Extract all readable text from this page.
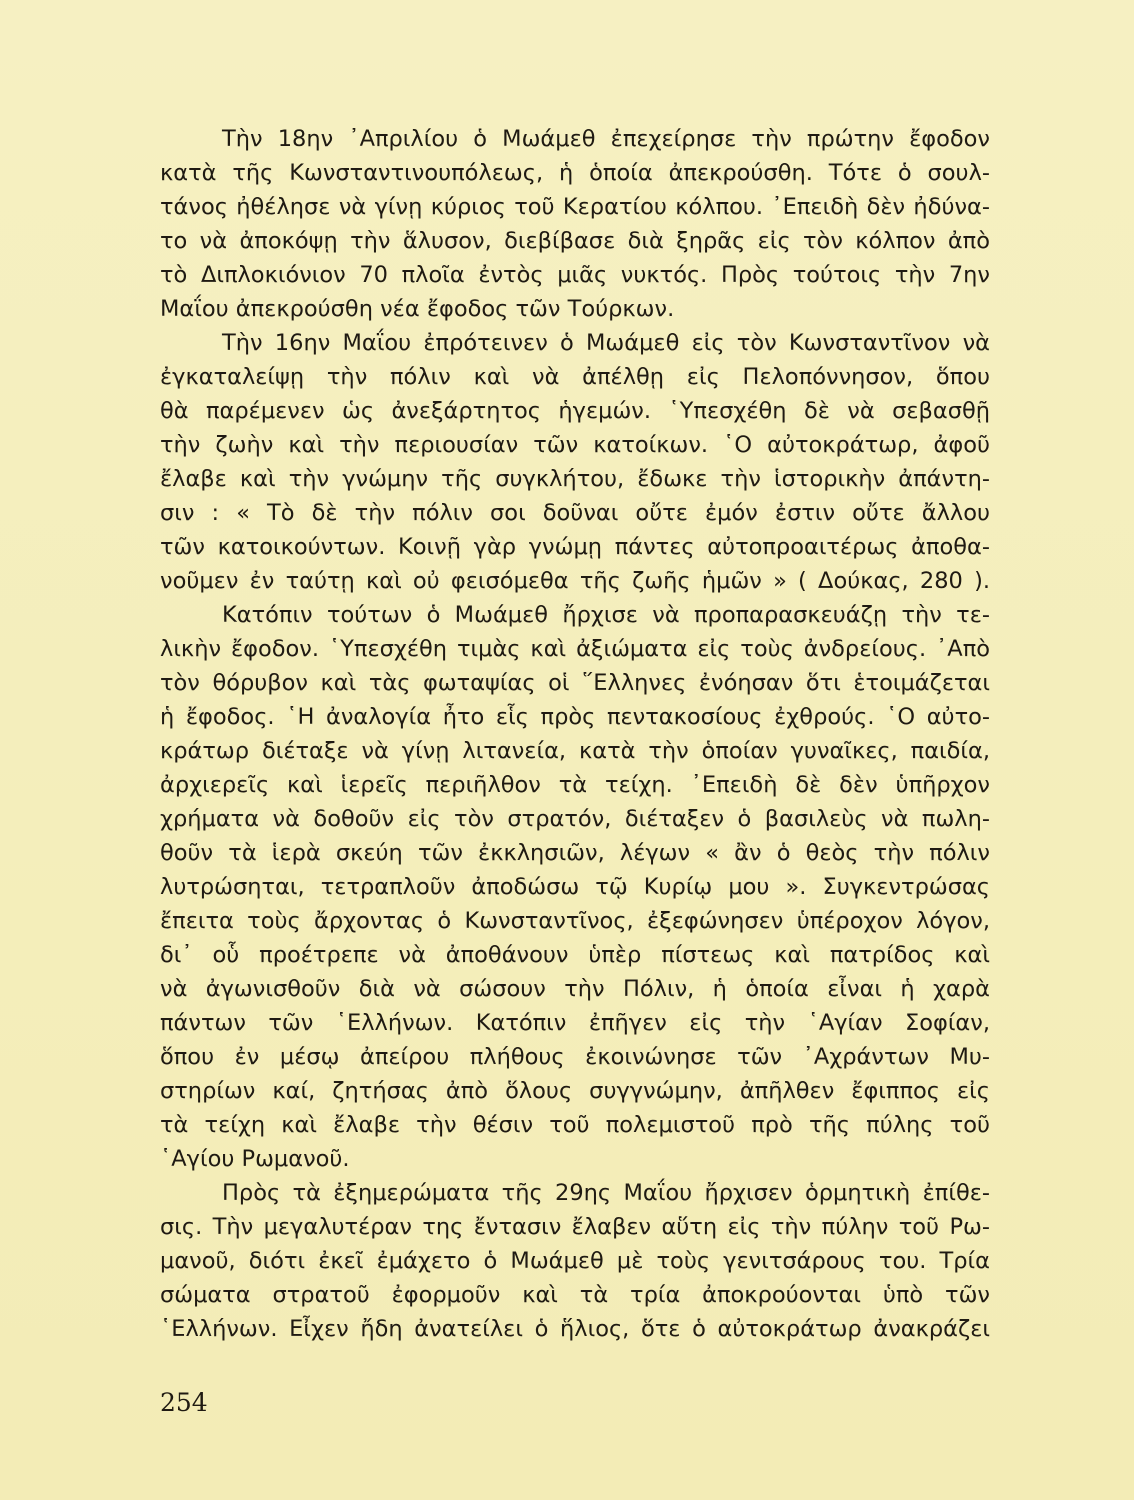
Τὴν 18ην ᾿Απριλίου ὁ Μωάμεθ ἐπεχείρησε τὴν πρώτην ἔφοδον
κατὰ τῆς Κωνσταντινουπόλεως, ἡ ὁποία ἀπεκρούσθη. Τότε ὁ σουλ-
τάνος ἠθέλησε νὰ γίνῃ κύριος τοῦ Κερατίου κόλπου. ᾿Επειδὴ δὲν ἠδύνα-
το νὰ ἀποκόψῃ τὴν ἅλυσον, διεβίβασε διὰ ξηρᾶς εἰς τὸν κόλπον ἀπὸ
τὸ Διπλοκιόνιον 70 πλοῖα ἐντὸς μιᾶς νυκτός. Πρὸς τούτοις τὴν 7ην
Μαΐου ἀπεκρούσθη νέα ἔφοδος τῶν Τούρκων.
Τὴν 16ην Μαΐου ἐπρότεινεν ὁ Μωάμεθ εἰς τὸν Κωνσταντῖνον νὰ
ἐγκαταλείψῃ τὴν πόλιν καὶ νὰ ἀπέλθῃ εἰς Πελοπόννησον, ὅπου
θὰ παρέμενεν ὡς ἀνεξάρτητος ἡγεμών. ῾Υπεσχέθη δὲ νὰ σεβασθῇ
τὴν ζωὴν καὶ τὴν περιουσίαν τῶν κατοίκων. ῾Ο αὐτοκράτωρ, ἀφοῦ
ἔλαβε καὶ τὴν γνώμην τῆς συγκλήτου, ἔδωκε τὴν ἱστορικὴν ἀπάντη-
σιν : « Τὸ δὲ τὴν πόλιν σοι δοῦναι οὔτε ἐμόν ἐστιν οὔτε ἄλλου
τῶν κατοικούντων. Κοινῇ γὰρ γνώμῃ πάντες αὐτοπροαιτέρως ἀποθα-
νοῦμεν ἐν ταύτῃ καὶ οὐ φεισόμεθα τῆς ζωῆς ἡμῶν » ( Δούκας, 280 ).
Κατόπιν τούτων ὁ Μωάμεθ ἤρχισε νὰ προπαρασκευάζῃ τὴν τε-
λικὴν ἔφοδον. ῾Υπεσχέθη τιμὰς καὶ ἀξιώματα εἰς τοὺς ἀνδρείους. ᾿Απὸ
τὸν θόρυβον καὶ τὰς φωταψίας οἱ ῞Ελληνες ἐνόησαν ὅτι ἑτοιμάζεται
ἡ ἔφοδος. ῾Η ἀναλογία ἦτο εἷς πρὸς πεντακοσίους ἐχθρούς. ῾Ο αὐτο-
κράτωρ διέταξε νὰ γίνῃ λιτανεία, κατὰ τὴν ὁποίαν γυναῖκες, παιδία,
ἀρχιερεῖς καὶ ἱερεῖς περιῆλθον τὰ τείχη. ᾿Επειδὴ δὲ δὲν ὑπῆρχον
χρήματα νὰ δοθοῦν εἰς τὸν στρατόν, διέταξεν ὁ βασιλεὺς νὰ πωλη-
θοῦν τὰ ἱερὰ σκεύη τῶν ἐκκλησιῶν, λέγων « ἂν ὁ θεὸς τὴν πόλιν
λυτρώσηται, τετραπλοῦν ἀποδώσω τῷ Κυρίῳ μου ». Συγκεντρώσας
ἔπειτα τοὺς ἄρχοντας ὁ Κωνσταντῖνος, ἐξεφώνησεν ὑπέροχον λόγον,
δι᾿ οὗ προέτρεπε νὰ ἀποθάνουν ὑπὲρ πίστεως καὶ πατρίδος καὶ
νὰ ἀγωνισθοῦν διὰ νὰ σώσουν τὴν Πόλιν, ἡ ὁποία εἶναι ἡ χαρὰ
πάντων τῶν ῾Ελλήνων. Κατόπιν ἐπῆγεν εἰς τὴν ῾Αγίαν Σοφίαν,
ὅπου ἐν μέσῳ ἀπείρου πλήθους ἐκοινώνησε τῶν ᾿Αχράντων Μυ-
στηρίων καί, ζητήσας ἀπὸ ὅλους συγγνώμην, ἀπῆλθεν ἔφιππος εἰς
τὰ τείχη καὶ ἔλαβε τὴν θέσιν τοῦ πολεμιστοῦ πρὸ τῆς πύλης τοῦ
῾Αγίου Ρωμανοῦ.
Πρὸς τὰ ἐξημερώματα τῆς 29ης Μαΐου ἤρχισεν ὁρμητικὴ ἐπίθε-
σις. Τὴν μεγαλυτέραν της ἔντασιν ἔλαβεν αὕτη εἰς τὴν πύλην τοῦ Ρω-
μανοῦ, διότι ἐκεῖ ἐμάχετο ὁ Μωάμεθ μὲ τοὺς γενιτσάρους του. Τρία
σώματα στρατοῦ ἐφορμοῦν καὶ τὰ τρία ἀποκρούονται ὑπὸ τῶν
῾Ελλήνων. Εἶχεν ἤδη ἀνατείλει ὁ ἥλιος, ὅτε ὁ αὐτοκράτωρ ἀνακράζει
254
